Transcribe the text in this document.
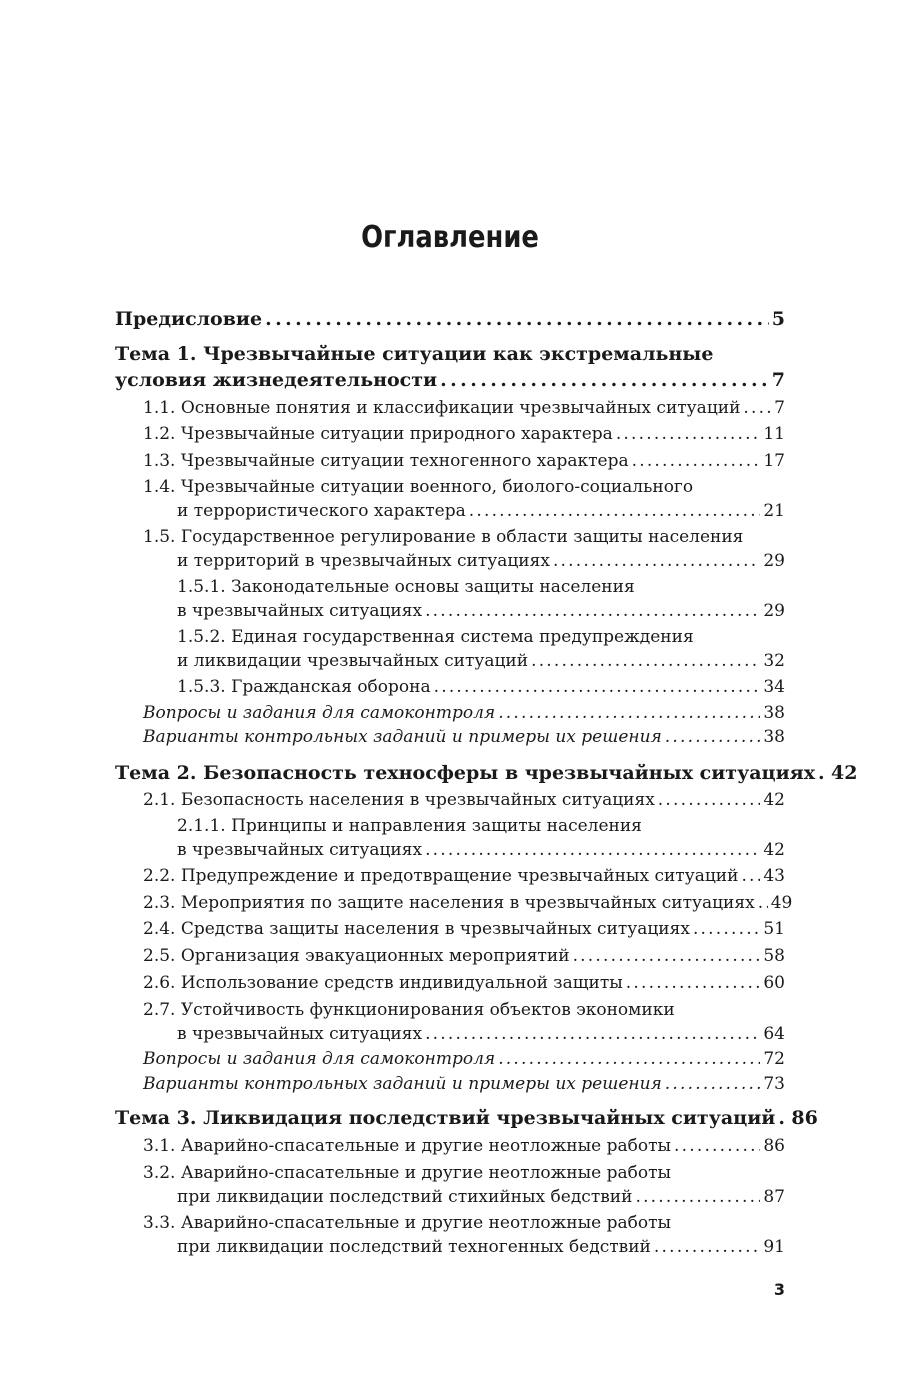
Оглавление
Предисловие . . .	5
Тема 1. Чрезвычайные ситуации как экстремальные
условия жизнедеятельности . . .	7
1.1. Основные понятия и классификации чрезвычайных ситуаций . . . 7
1.2. Чрезвычайные ситуации природного характера . . .	11
1.3. Чрезвычайные ситуации техногенного характера . . .	17
1.4. Чрезвычайные ситуации военного, биолого-социального
и террористического характера . . .	21
1.5. Государственное регулирование в области защиты населения
и территорий в чрезвычайных ситуациях . . .	29
1.5.1. Законодательные основы защиты населения
в чрезвычайных ситуациях . . .	29
1.5.2. Единая государственная система предупреждения
и ликвидации чрезвычайных ситуаций . . .	32
1.5.3. Гражданская оборона . . .	34
Вопросы и задания для самоконтроля . . .	38
Варианты контрольных заданий и примеры их решения . . .	38
Тема 2. Безопасность техносферы в чрезвычайных ситуациях . . . 42
2.1. Безопасность населения в чрезвычайных ситуациях . . .	42
2.1.1. Принципы и направления защиты населения
в чрезвычайных ситуациях . . .	42
2.2. Предупреждение и предотвращение чрезвычайных ситуаций . . . 43
2.3. Мероприятия по защите населения в чрезвычайных ситуациях . . . 49
2.4. Средства защиты населения в чрезвычайных ситуациях . . .	51
2.5. Организация эвакуационных мероприятий . . .	58
2.6. Использование средств индивидуальной защиты . . .	60
2.7. Устойчивость функционирования объектов экономики
в чрезвычайных ситуациях . . .	64
Вопросы и задания для самоконтроля . . .	72
Варианты контрольных заданий и примеры их решения . . .	73
Тема 3. Ликвидация последствий чрезвычайных ситуаций . . . 86
3.1. Аварийно-спасательные и другие неотложные работы . . .	86
3.2. Аварийно-спасательные и другие неотложные работы
при ликвидации последствий стихийных бедствий . . .	87
3.3. Аварийно-спасательные и другие неотложные работы
при ликвидации последствий техногенных бедствий . . .	91
3
